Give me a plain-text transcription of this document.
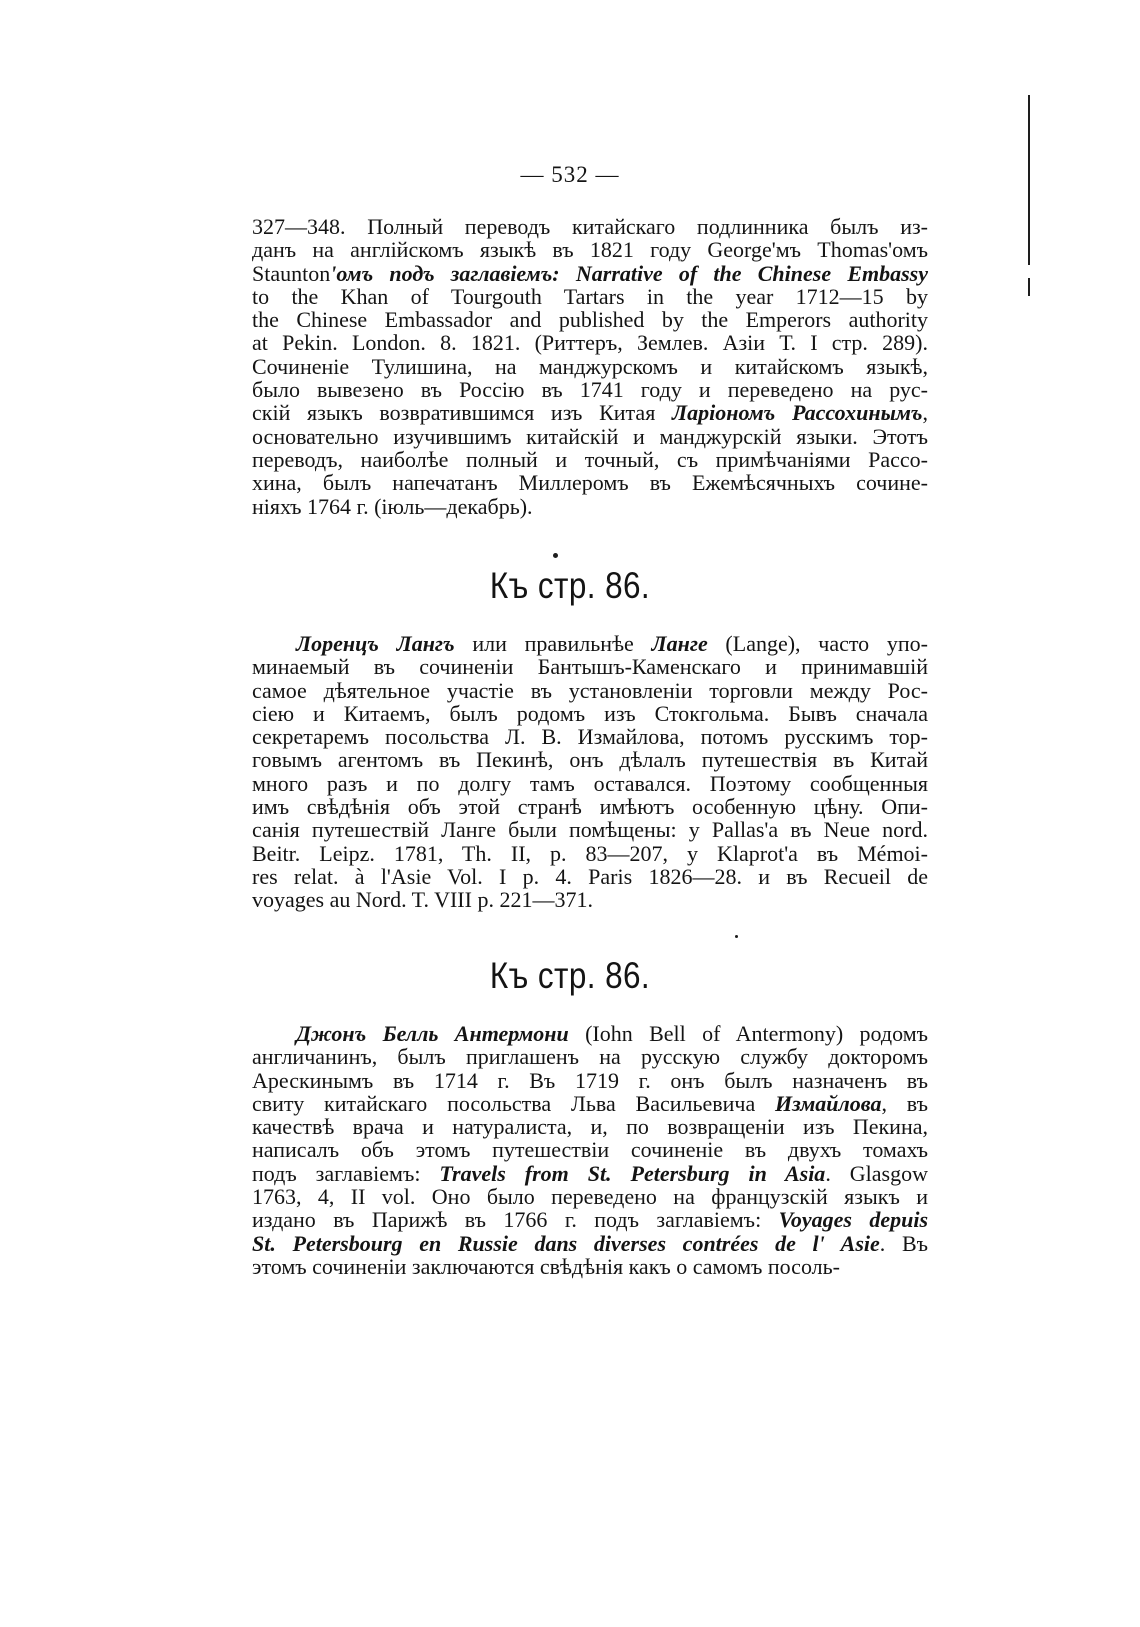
— 532 —
327—348. Полный переводъ китайскаго подлинника былъ из-
данъ на англійскомъ языкѣ въ 1821 году George'мъ Thomas'омъ
Staunton'омъ подъ заглавіемъ: Narrative of the Chinese Embassy
to the Khan of Tourgouth Tartars in the year 1712—15 by
the Chinese Embassador and published by the Emperors authority
at Pekin. London. 8. 1821. (Риттеръ, Землев. Азіи Т. I стр. 289).
Сочиненіе Тулишина, на манджурскомъ и китайскомъ языкѣ,
было вывезено въ Россію въ 1741 году и переведено на рус-
скій языкъ возвратившимся изъ Китая Ларіономъ Рассохинымъ,
основательно изучившимъ китайскій и манджурскій языки. Этотъ
переводъ, наиболѣе полный и точный, съ примѣчаніями Рассо-
хина, былъ напечатанъ Миллеромъ въ Ежемѣсячныхъ сочине-
ніяхъ 1764 г. (іюль—декабрь).
Къ стр. 86.
Лоренцъ Лангъ или правильнѣе Ланге (Lange), часто упо-
минаемый въ сочиненіи Бантышъ-Каменскаго и принимавшій
самое дѣятельное участіе въ установленіи торговли между Рос-
сіею и Китаемъ, былъ родомъ изъ Стокгольма. Бывъ сначала
секретаремъ посольства Л. В. Измайлова, потомъ русскимъ тор-
говымъ агентомъ въ Пекинѣ, онъ дѣлалъ путешествія въ Китай
много разъ и по долгу тамъ оставался. Поэтому сообщенныя
имъ свѣдѣнія объ этой странѣ имѣютъ особенную цѣну. Опи-
санія путешествій Ланге были помѣщены: у Pallas'а въ Neue nord.
Beitr. Leipz. 1781, Th. II, p. 83—207, у Klaprot'а въ Mémoi-
res relat. à l'Asie Vol. I p. 4. Paris 1826—28. и въ Recueil de
voyages au Nord. T. VIII p. 221—371.
Къ стр. 86.
Джонъ Белль Антермони (Iohn Bell of Antermony) родомъ
англичанинъ, былъ приглашенъ на русскую службу докторомъ
Арескинымъ въ 1714 г. Въ 1719 г. онъ былъ назначенъ въ
свиту китайскаго посольства Льва Васильевича Измайлова, въ
качествѣ врача и натуралиста, и, по возвращеніи изъ Пекина,
написалъ объ этомъ путешествіи сочиненіе въ двухъ томахъ
подъ заглавіемъ: Travels from St. Petersburg in Asia. Glasgow
1763, 4, II vol. Оно было переведено на французскій языкъ и
издано въ Парижѣ въ 1766 г. подъ заглавіемъ: Voyages depuis
St. Petersbourg en Russie dans diverses contrées de l' Asie. Въ
этомъ сочиненіи заключаются свѣдѣнія какъ о самомъ посоль-
